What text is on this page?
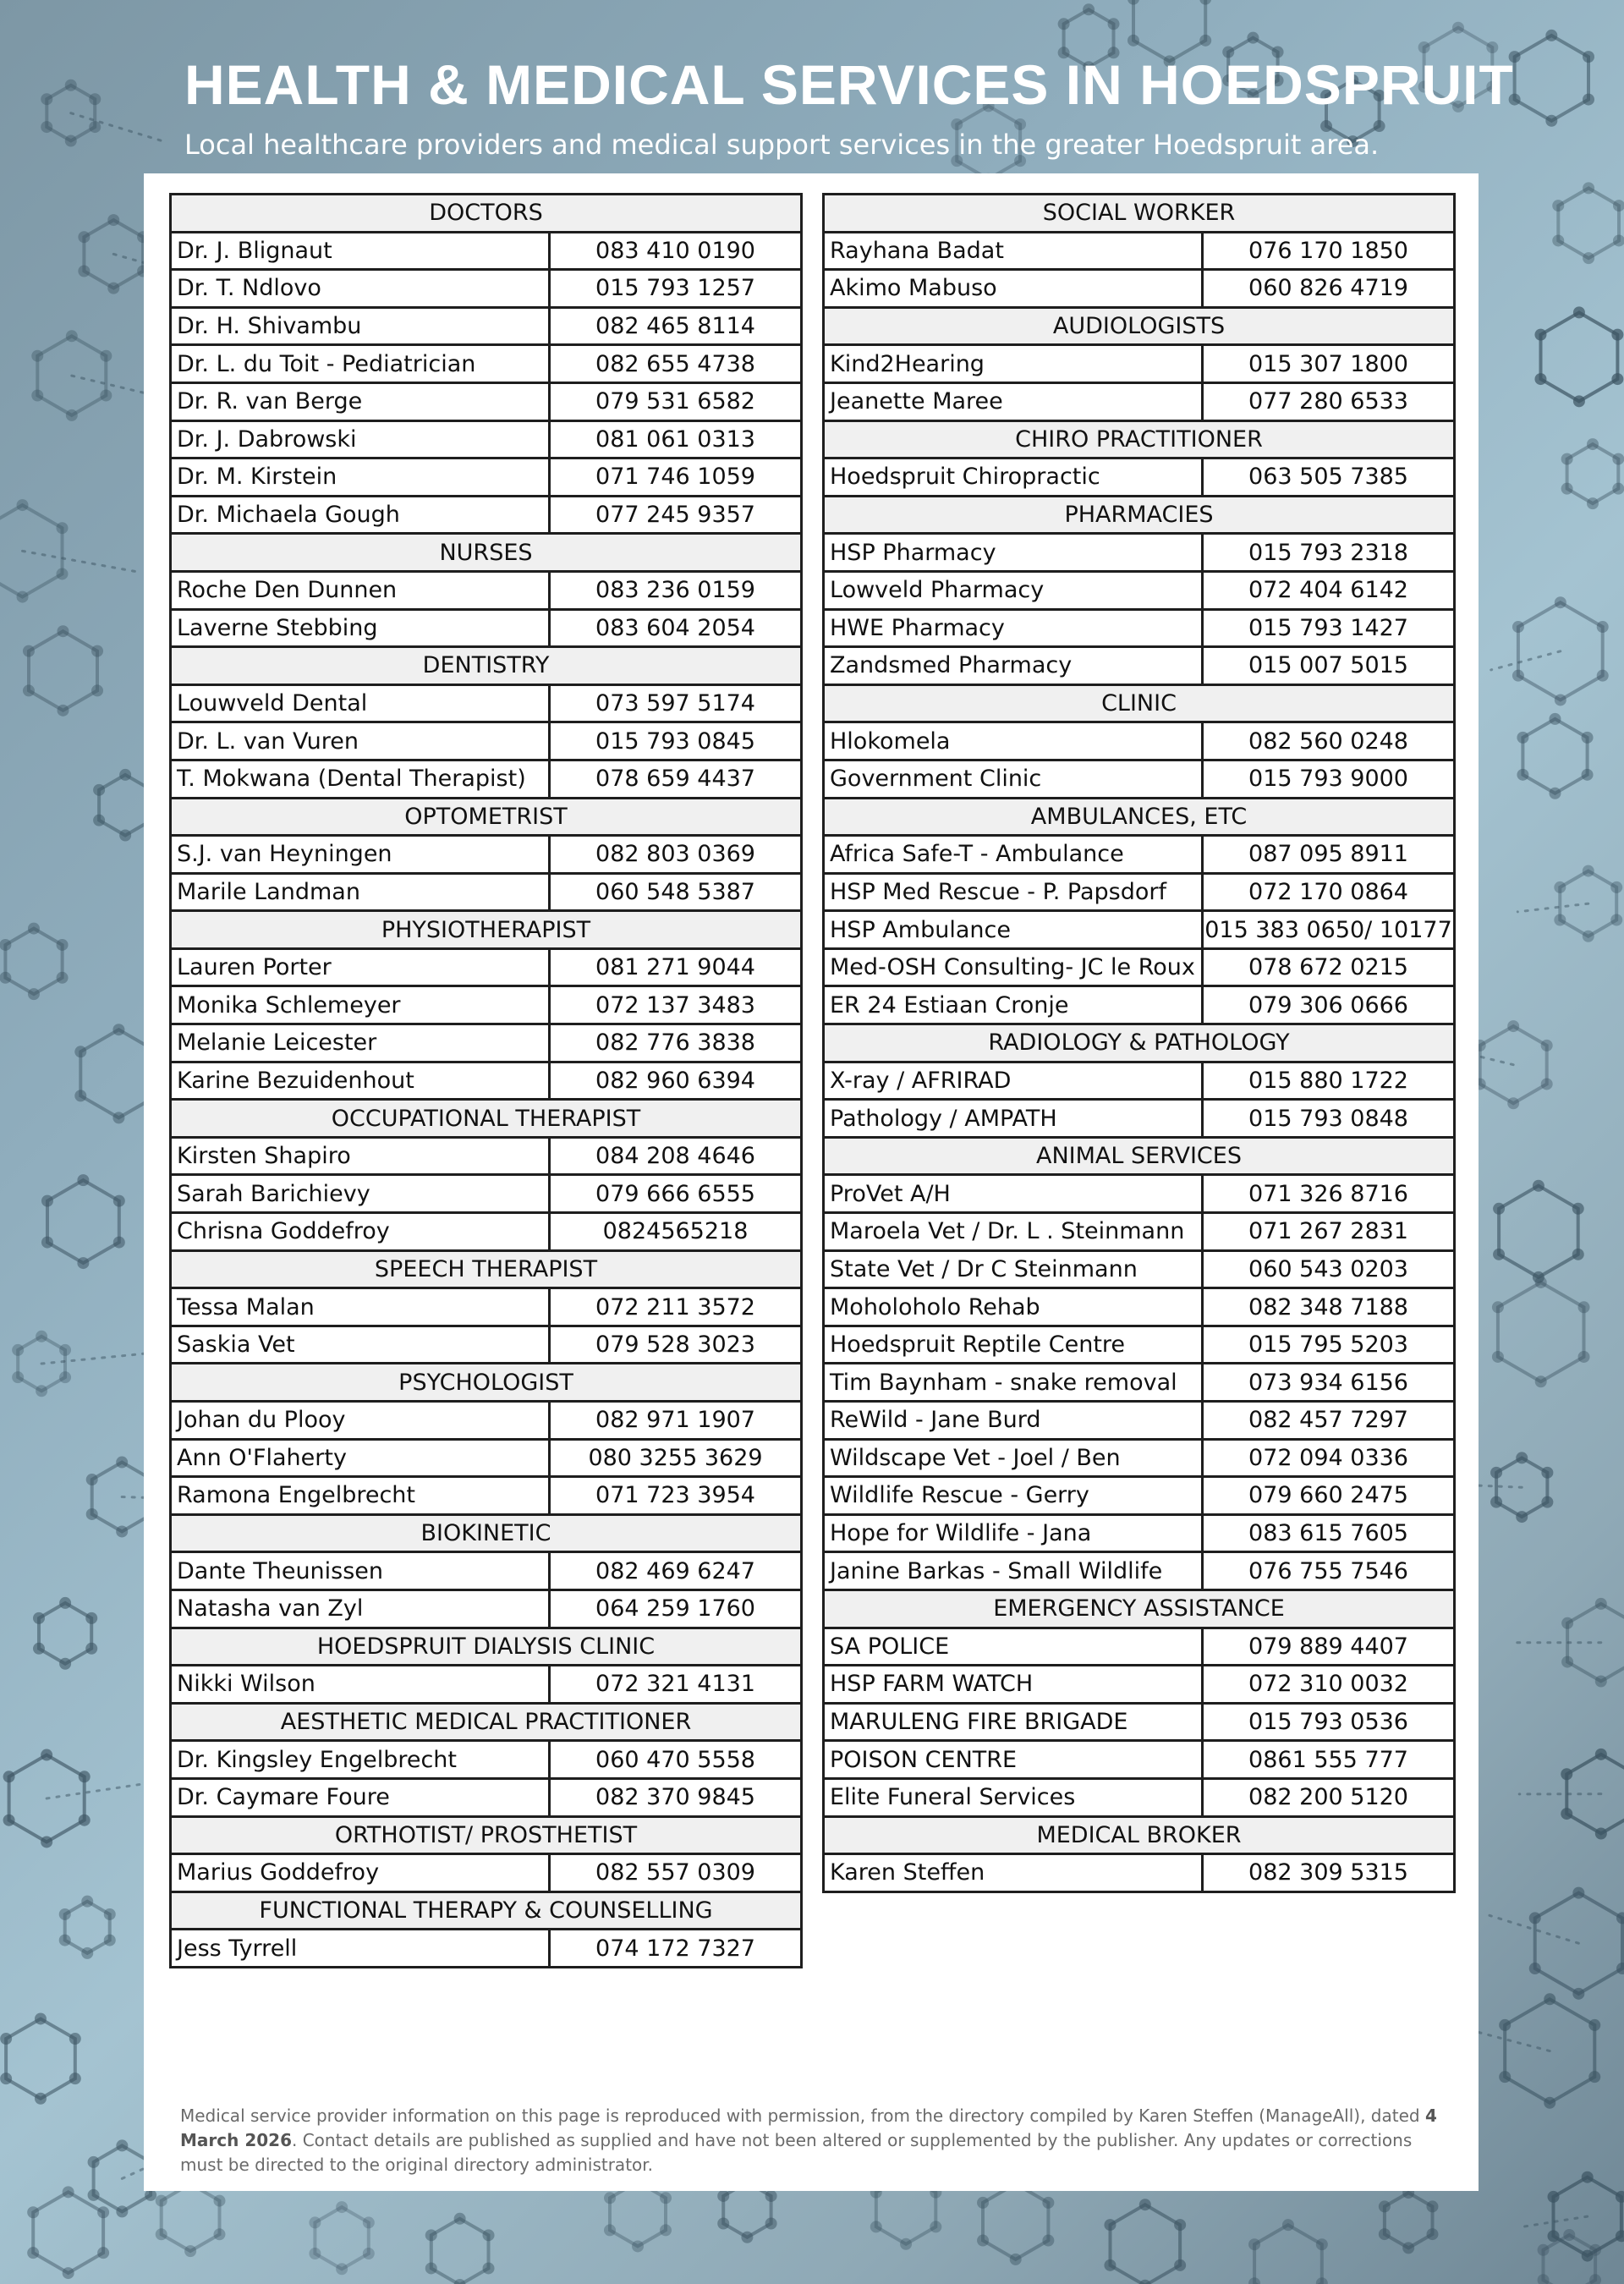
HEALTH & MEDICAL SERVICES IN HOEDSPRUIT

Local healthcare providers and medical support services in the greater Hoedspruit area.

DOCTORS	
Dr. J. Blignaut	083 410 0190
Dr. T. Ndlovo	015 793 1257
Dr. H. Shivambu	082 465 8114
Dr. L. du Toit - Pediatrician	082 655 4738
Dr. R. van Berge	079 531 6582
Dr. J. Dabrowski	081 061 0313
Dr. M. Kirstein	071 746 1059
Dr. Michaela Gough	077 245 9357
NURSES	
Roche Den Dunnen	083 236 0159
Laverne Stebbing	083 604 2054
DENTISTRY	
Louwveld Dental	073 597 5174
Dr. L. van Vuren	015 793 0845
T. Mokwana (Dental Therapist)	078 659 4437
OPTOMETRIST	
S.J. van Heyningen	082 803 0369
Marile Landman	060 548 5387
PHYSIOTHERAPIST	
Lauren Porter	081 271 9044
Monika Schlemeyer	072 137 3483
Melanie Leicester	082 776 3838
Karine Bezuidenhout	082 960 6394
OCCUPATIONAL THERAPIST	
Kirsten Shapiro	084 208 4646
Sarah Barichievy	079 666 6555
Chrisna Goddefroy	0824565218
SPEECH THERAPIST	
Tessa Malan	072 211 3572
Saskia Vet	079 528 3023
PSYCHOLOGIST	
Johan du Plooy	082 971 1907
Ann O'Flaherty	080 3255 3629
Ramona Engelbrecht	071 723 3954
BIOKINETIC	
Dante Theunissen	082 469 6247
Natasha van Zyl	064 259 1760
HOEDSPRUIT DIALYSIS CLINIC	
Nikki Wilson	072 321 4131
AESTHETIC MEDICAL PRACTITIONER	
Dr. Kingsley Engelbrecht	060 470 5558
Dr. Caymare Foure	082 370 9845
ORTHOTIST/ PROSTHETIST	
Marius Goddefroy	082 557 0309
FUNCTIONAL THERAPY & COUNSELLING	
Jess Tyrrell	074 172 7327
SOCIAL WORKER	
Rayhana Badat	076 170 1850
Akimo Mabuso	060 826 4719
AUDIOLOGISTS	
Kind2Hearing	015 307 1800
Jeanette Maree	077 280 6533
CHIRO PRACTITIONER	
Hoedspruit Chiropractic	063 505 7385
PHARMACIES	
HSP Pharmacy	015 793 2318
Lowveld Pharmacy	072 404 6142
HWE Pharmacy	015 793 1427
Zandsmed Pharmacy	015 007 5015
CLINIC	
Hlokomela	082 560 0248
Government Clinic	015 793 9000
AMBULANCES, ETC	
Africa Safe-T - Ambulance	087 095 8911
HSP Med Rescue - P. Papsdorf	072 170 0864
HSP Ambulance	015 383 0650/ 10177
Med-OSH Consulting- JC le Roux	078 672 0215
ER 24 Estiaan Cronje	079 306 0666
RADIOLOGY & PATHOLOGY	
X-ray / AFRIRAD	015 880 1722
Pathology / AMPATH	015 793 0848
ANIMAL SERVICES	
ProVet A/H	071 326 8716
Maroela Vet / Dr. L . Steinmann	071 267 2831
State Vet / Dr C Steinmann	060 543 0203
Moholoholo Rehab	082 348 7188
Hoedspruit Reptile Centre	015 795 5203
Tim Baynham - snake removal	073 934 6156
ReWild - Jane Burd	082 457 7297
Wildscape Vet - Joel / Ben	072 094 0336
Wildlife Rescue - Gerry	079 660 2475
Hope for Wildlife - Jana	083 615 7605
Janine Barkas - Small Wildlife	076 755 7546
EMERGENCY ASSISTANCE	
SA POLICE	079 889 4407
HSP FARM WATCH	072 310 0032
MARULENG FIRE BRIGADE	015 793 0536
POISON CENTRE	0861 555 777
Elite Funeral Services	082 200 5120
MEDICAL BROKER	
Karen Steffen	082 309 5315

Medical service provider information on this page is reproduced with permission, from the directory compiled by Karen Steffen (ManageAll), dated 4 March 2026. Contact details are published as supplied and have not been altered or supplemented by the publisher. Any updates or corrections must be directed to the original directory administrator.
